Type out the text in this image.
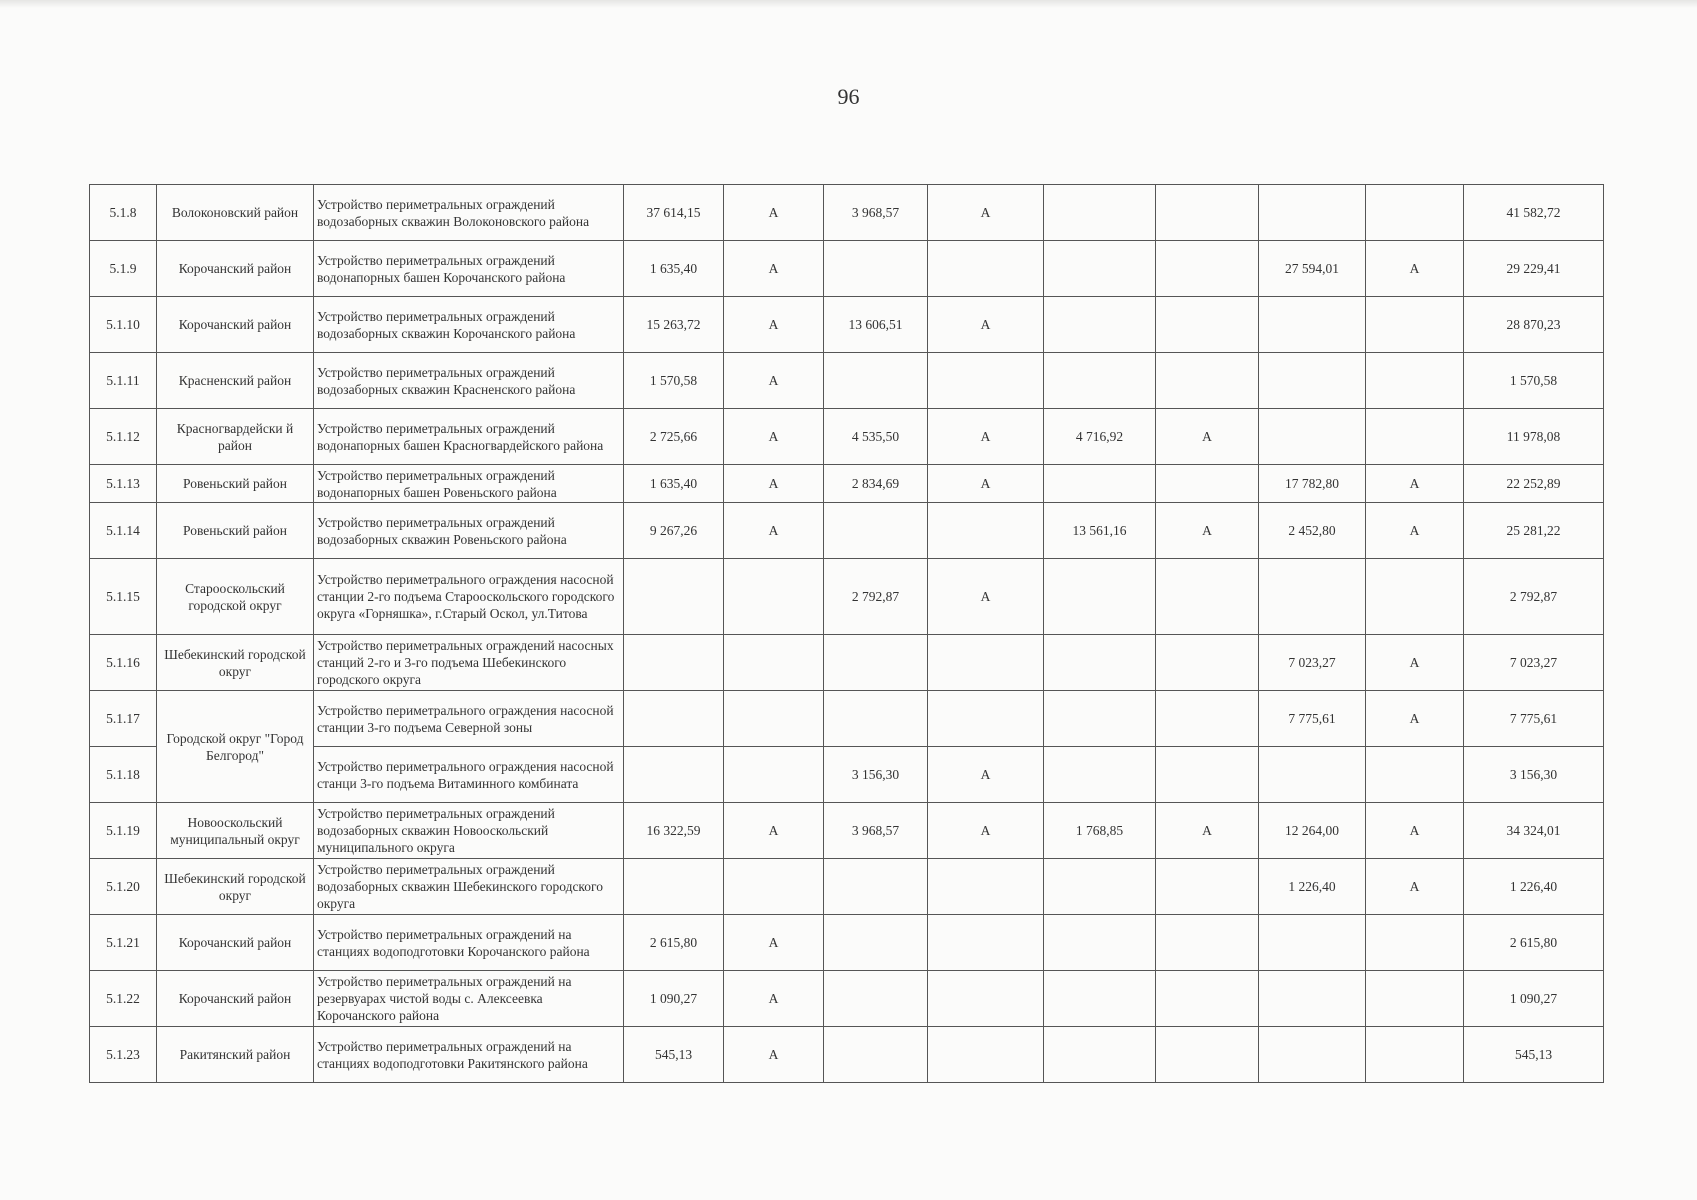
96
5.1.8	Волоконовский район	Устройство периметральных ограждений водозаборных скважин Волоконовского района	37 614,15	А	3 968,57	А					41 582,72
5.1.9	Корочанский район	Устройство периметральных ограждений водонапорных башен Корочанского района	1 635,40	А					27 594,01	А	29 229,41
5.1.10	Корочанский район	Устройство периметральных ограждений водозаборных скважин Корочанского района	15 263,72	А	13 606,51	А					28 870,23
5.1.11	Красненский район	Устройство периметральных ограждений водозаборных скважин Красненского района	1 570,58	А							1 570,58
5.1.12	Красногвардейски й район	Устройство периметральных ограждений водонапорных башен Красногвардейского района	2 725,66	А	4 535,50	А	4 716,92	А			11 978,08
5.1.13	Ровеньский район	Устройство периметральных ограждений водонапорных башен Ровеньского района	1 635,40	А	2 834,69	А			17 782,80	А	22 252,89
5.1.14	Ровеньский район	Устройство периметральных ограждений водозаборных скважин Ровеньского района	9 267,26	А			13 561,16	А	2 452,80	А	25 281,22
5.1.15	Старооскольский городской округ	Устройство периметрального ограждения насосной станции 2-го подъема Старооскольского городского округа «Горняшка», г.Старый Оскол, ул.Титова			2 792,87	А					2 792,87
5.1.16	Шебекинский городской округ	Устройство периметральных ограждений насосных станций 2-го и 3-го подъема Шебекинского городского округа							7 023,27	А	7 023,27
5.1.17	Городской округ "Город Белгород"	Устройство периметрального ограждения насосной станции 3-го подъема Северной зоны							7 775,61	А	7 775,61
5.1.18		Устройство периметрального ограждения насосной станци 3-го подъема Витаминного комбината			3 156,30	А					3 156,30
5.1.19	Новооскольский муниципальный округ	Устройство периметральных ограждений водозаборных скважин Новооскольский муниципального округа	16 322,59	А	3 968,57	А	1 768,85	А	12 264,00	А	34 324,01
5.1.20	Шебекинский городской округ	Устройство периметральных ограждений водозаборных скважин Шебекинского городского округа							1 226,40	А	1 226,40
5.1.21	Корочанский район	Устройство периметральных ограждений на станциях водоподготовки Корочанского района	2 615,80	А							2 615,80
5.1.22	Корочанский район	Устройство периметральных ограждений на резервуарах чистой воды с. Алексеевка Корочанского района	1 090,27	А							1 090,27
5.1.23	Ракитянский район	Устройство периметральных ограждений на станциях водоподготовки Ракитянского района	545,13	А							545,13
